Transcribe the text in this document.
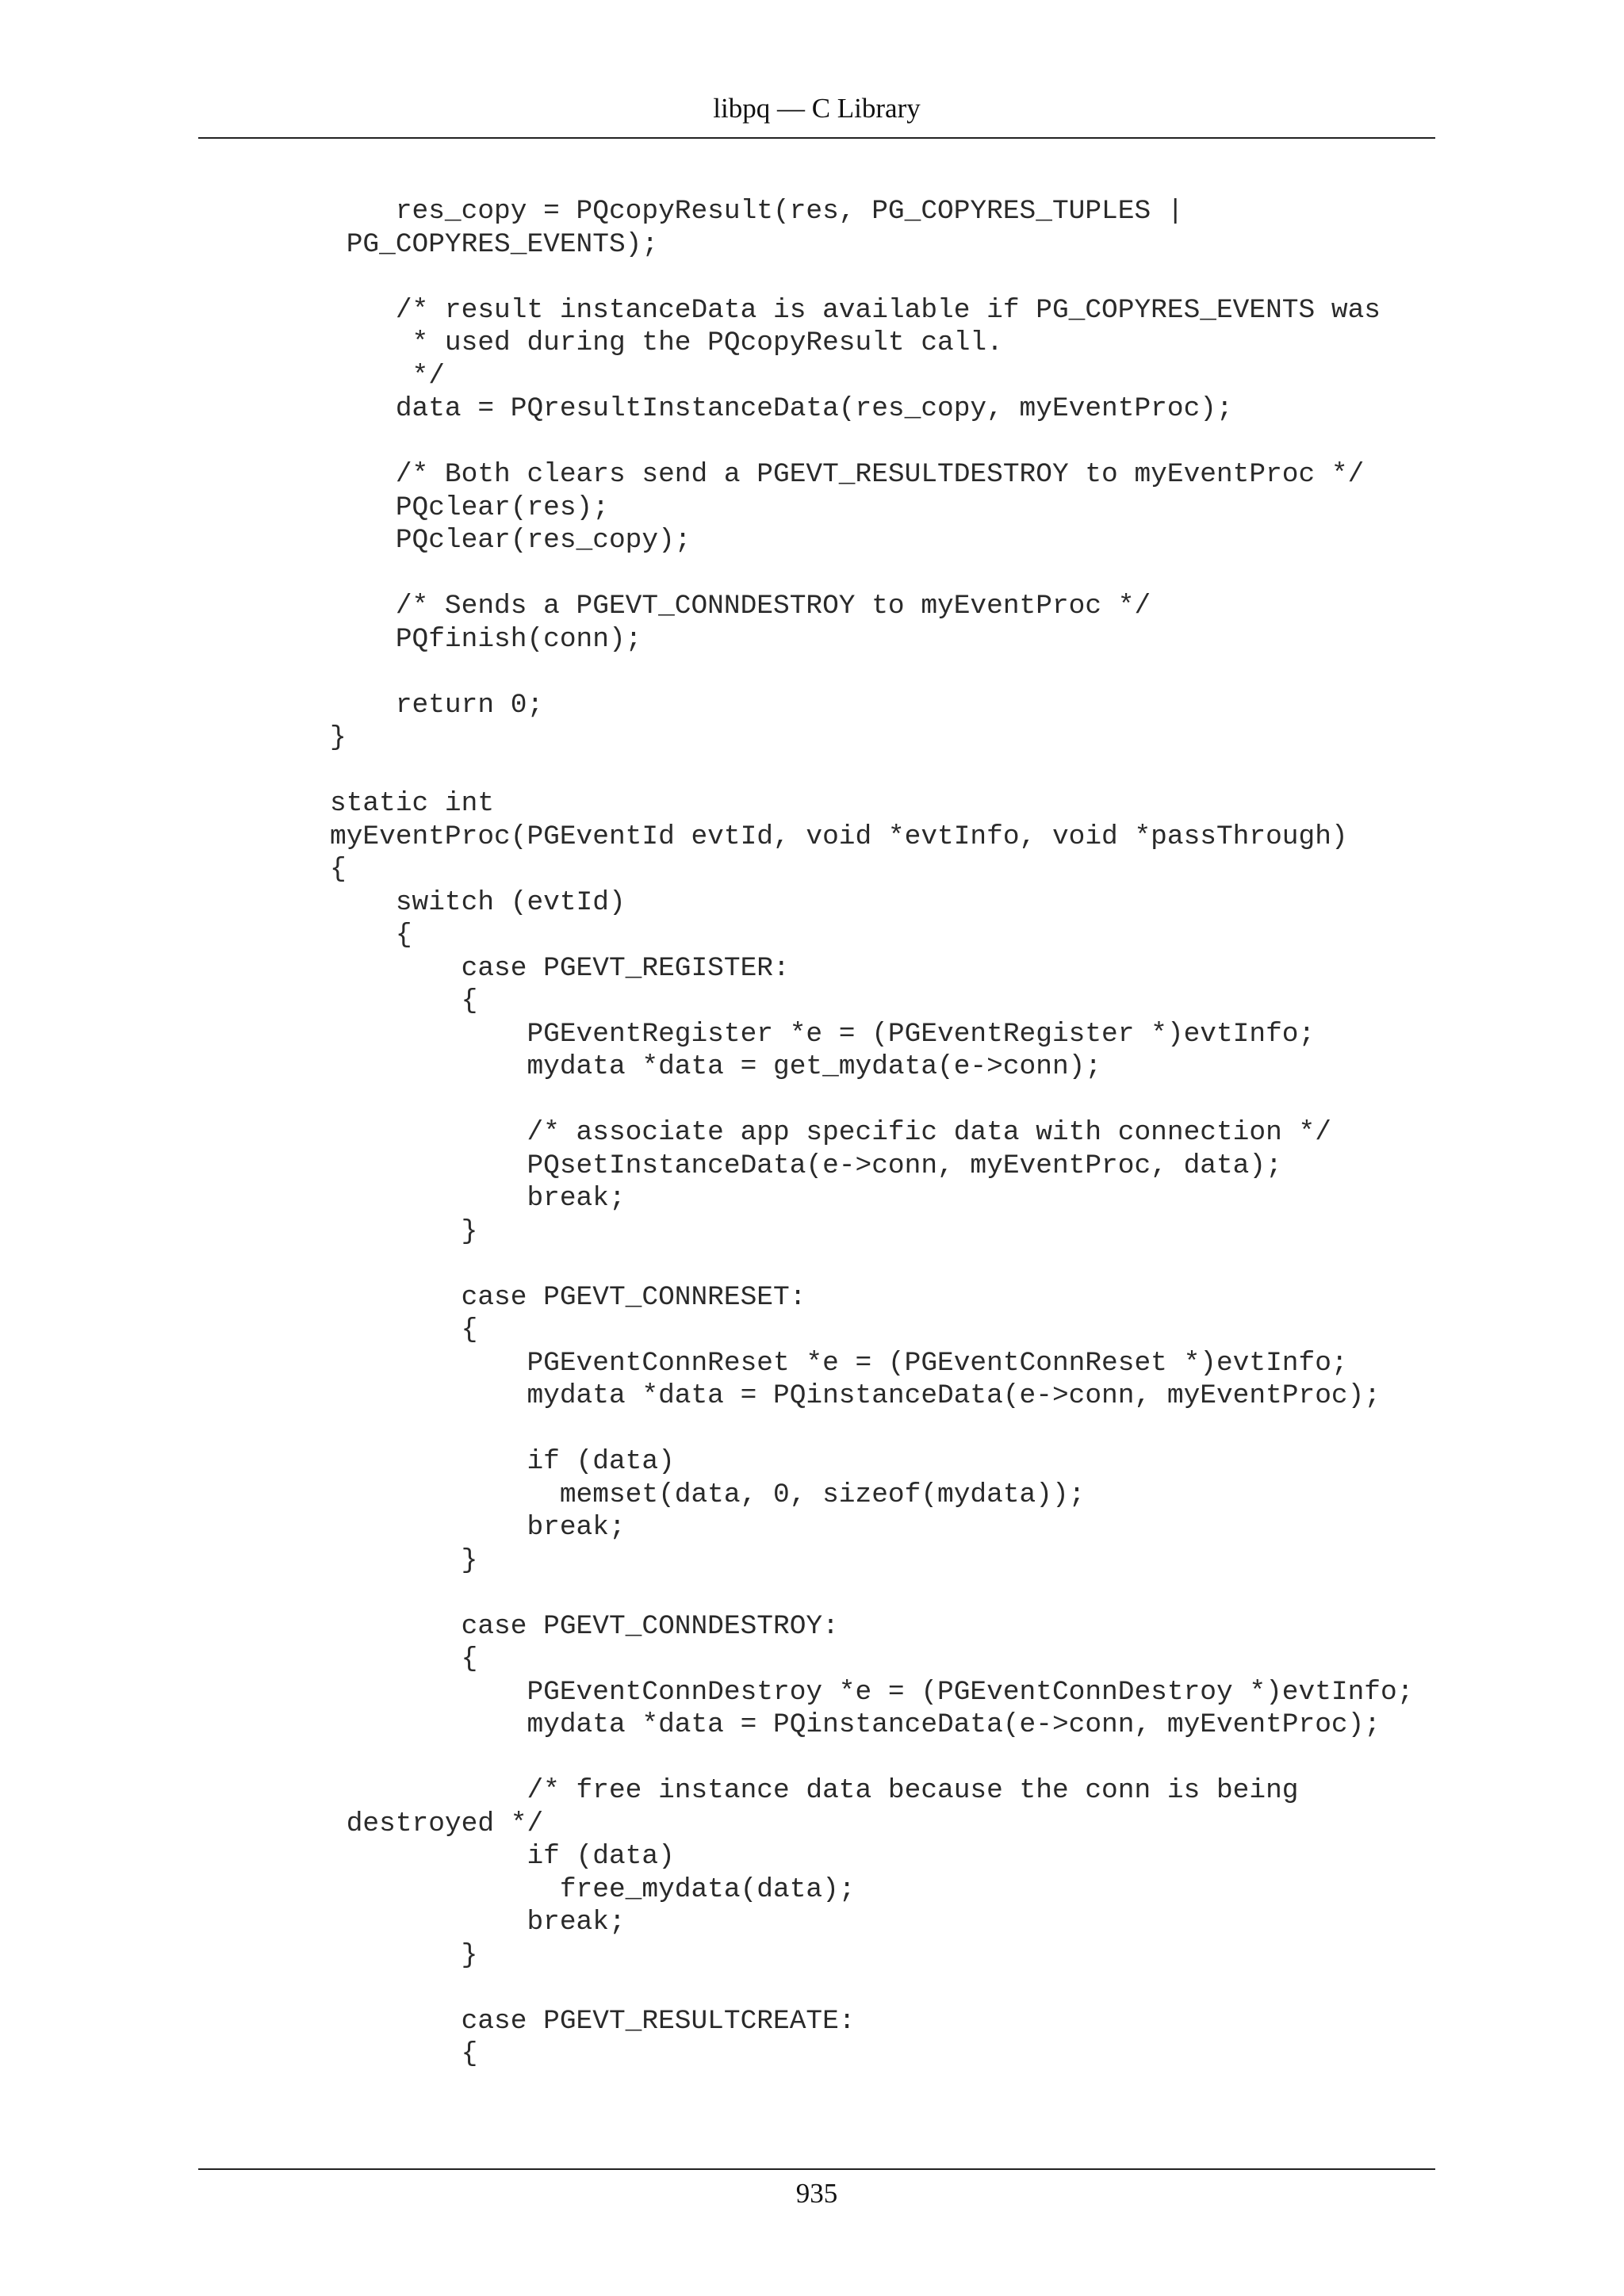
libpq — C Library
res_copy = PQcopyResult(res, PG_COPYRES_TUPLES |
PG_COPYRES_EVENTS);
/* result instanceData is available if PG_COPYRES_EVENTS was
* used during the PQcopyResult call.
*/
data = PQresultInstanceData(res_copy, myEventProc);
/* Both clears send a PGEVT_RESULTDESTROY to myEventProc */
PQclear(res);
PQclear(res_copy);
/* Sends a PGEVT_CONNDESTROY to myEventProc */
PQfinish(conn);
return 0;
}
static int
myEventProc(PGEventId evtId, void *evtInfo, void *passThrough)
{
switch (evtId)
{
case PGEVT_REGISTER:
{
PGEventRegister *e = (PGEventRegister *)evtInfo;
mydata *data = get_mydata(e->conn);
/* associate app specific data with connection */
PQsetInstanceData(e->conn, myEventProc, data);
break;
}
case PGEVT_CONNRESET:
{
PGEventConnReset *e = (PGEventConnReset *)evtInfo;
mydata *data = PQinstanceData(e->conn, myEventProc);
if (data)
memset(data, 0, sizeof(mydata));
break;
}
case PGEVT_CONNDESTROY:
{
PGEventConnDestroy *e = (PGEventConnDestroy *)evtInfo;
mydata *data = PQinstanceData(e->conn, myEventProc);
/* free instance data because the conn is being
destroyed */
if (data)
free_mydata(data);
break;
}
case PGEVT_RESULTCREATE:
{
935
